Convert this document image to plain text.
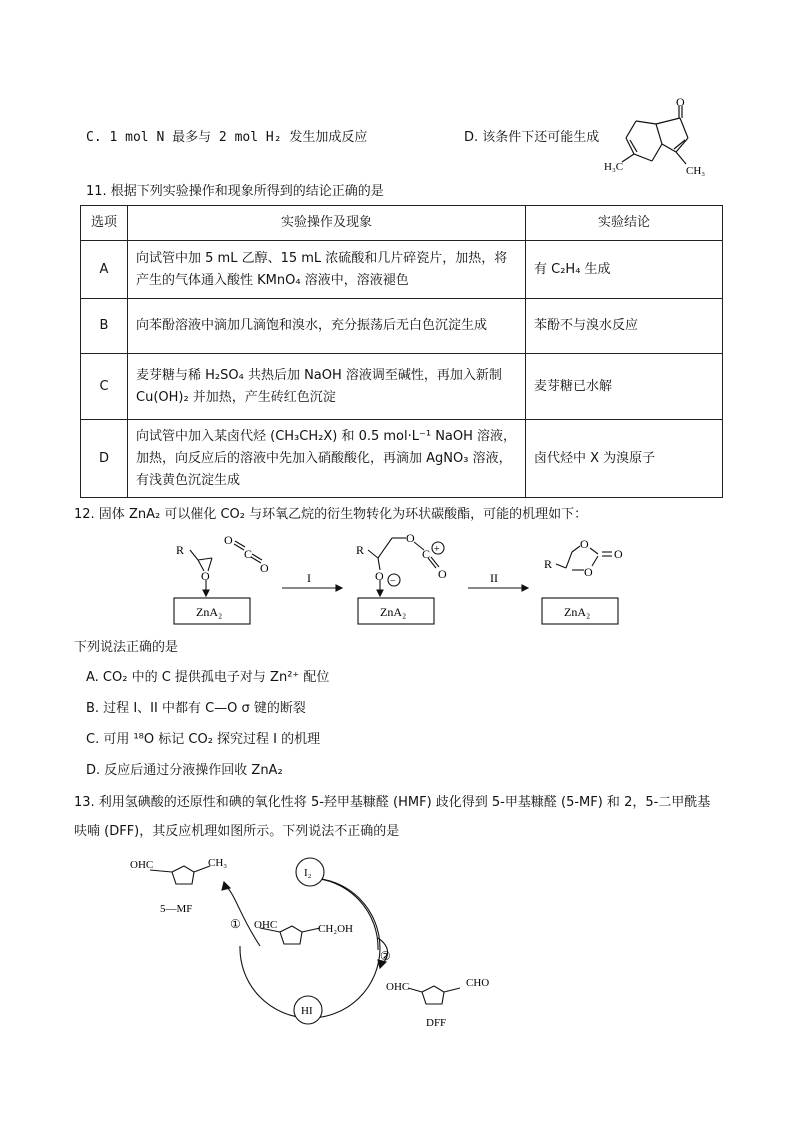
C. 1 mol N 最多与 2 mol H₂ 发生加成反应	D. 该条件下还可能生成
O
H₃C	CH₃
11. 根据下列实验操作和现象所得到的结论正确的是
选项	实验操作及现象	实验结论
A	向试管中加 5 mL 乙醇、15 mL 浓硫酸和几片碎瓷片，加热，将产生的气体通入酸性 KMnO₄ 溶液中，溶液褪色	有 C₂H₄ 生成
B	向苯酚溶液中滴加几滴饱和溴水，充分振荡后无白色沉淀生成	苯酚不与溴水反应
C	麦芽糖与稀 H₂SO₄ 共热后加 NaOH 溶液调至碱性，再加入新制 Cu(OH)₂ 并加热，产生砖红色沉淀	麦芽糖已水解
D	向试管中加入某卤代烃 (CH₃CH₂X) 和 0.5 mol·L⁻¹ NaOH 溶液，加热，向反应后的溶液中先加入硝酸酸化，再滴加 AgNO₃ 溶液，有浅黄色沉淀生成	卤代烃中 X 为溴原子
12. 固体 ZnA₂ 可以催化 CO₂ 与环氧乙烷的衍生物转化为环状碳酸酯，可能的机理如下：
R
O
O
C
O
ZnA₂
I
R
O
C +
O
O −
ZnA₂
II
R
O
O
O
ZnA₂
下列说法正确的是
A. CO₂ 中的 C 提供孤电子对与 Zn²⁺ 配位
B. 过程 I、II 中都有 C—O σ 键的断裂
C. 可用 ¹⁸O 标记 CO₂ 探究过程 I 的机理
D. 反应后通过分液操作回收 ZnA₂
13. 利用氢碘酸的还原性和碘的氧化性将 5-羟甲基糠醛 (HMF) 歧化得到 5-甲基糠醛 (5-MF) 和 2，5-二甲酰基
呋喃 (DFF)，其反应机理如图所示。下列说法不正确的是
OHC	CH₃
5—MF
I₂
HI
① OHC	CH₂OH
②
OHC	CHO
DFF
